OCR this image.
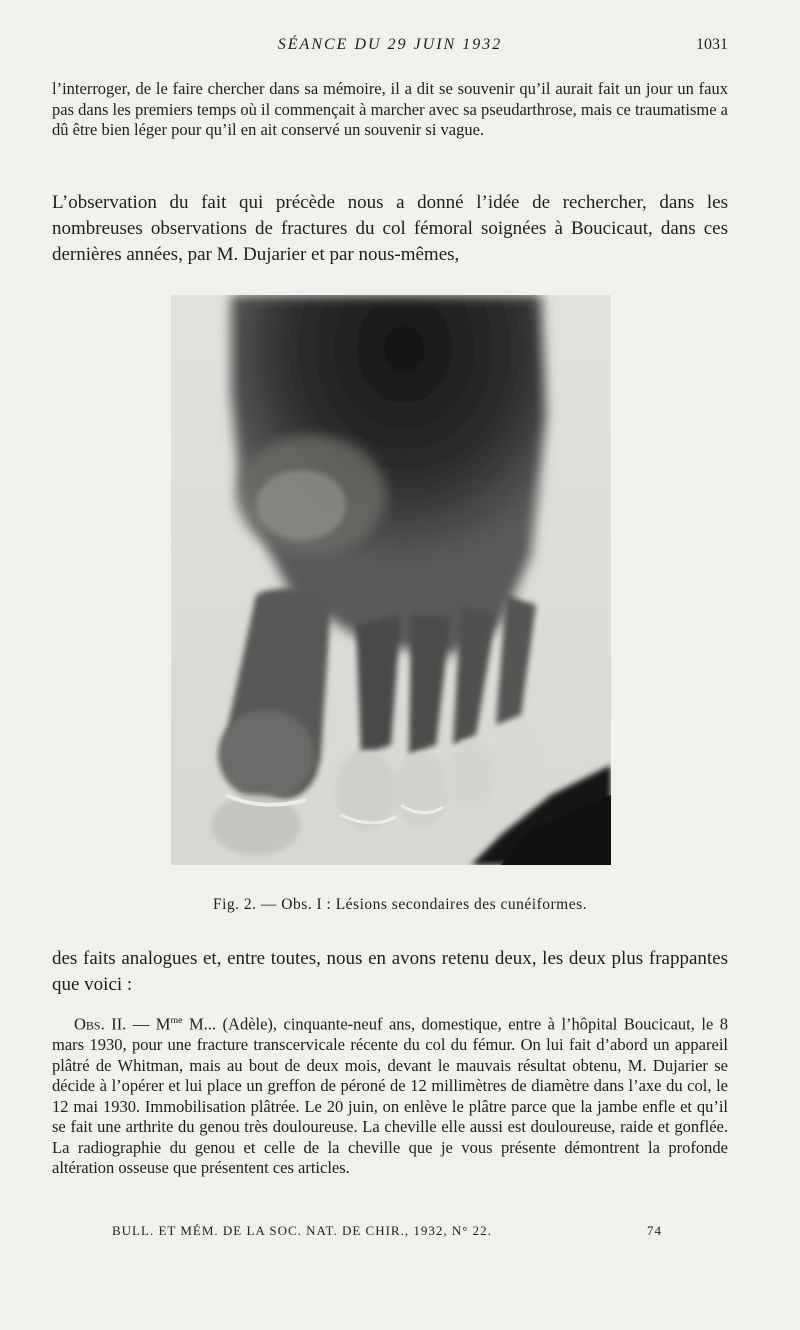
SÉANCE DU 29 JUIN 1932	1031

l’interroger, de le faire chercher dans sa mémoire, il a dit se souvenir qu’il aurait fait un jour un faux pas dans les premiers temps où il commençait à marcher avec sa pseudarthrose, mais ce traumatisme a dû être bien léger pour qu’il en ait conservé un souvenir si vague.

L’observation du fait qui précède nous a donné l’idée de rechercher, dans les nombreuses observations de fractures du col fémoral soignées à Boucicaut, dans ces dernières années, par M. Dujarier et par nous-mêmes,

Fig. 2. — Obs. I : Lésions secondaires des cunéiformes.

des faits analogues et, entre toutes, nous en avons retenu deux, les deux plus frappantes que voici :

Obs. II. — $M^{me}$ M... (Adèle), cinquante-neuf ans, domestique, entre à l’hôpital Boucicaut, le 8 mars 1930, pour une fracture transcervicale récente du col du fémur. On lui fait d’abord un appareil plâtré de Whitman, mais au bout de deux mois, devant le mauvais résultat obtenu, M. Dujarier se décide à l’opérer et lui place un greffon de péroné de 12 millimètres de diamètre dans l’axe du col, le 12 mai 1930. Immobilisation plâtrée. Le 20 juin, on enlève le plâtre parce que la jambe enfle et qu’il se fait une arthrite du genou très douloureuse. La cheville elle aussi est douloureuse, raide et gonflée. La radiographie du genou et celle de la cheville que je vous présente démontrent la profonde altération osseuse que présentent ces articles.

BULL. ET MÉM. DE LA SOC. NAT. DE CHIR., 1932, N° 22.	74
